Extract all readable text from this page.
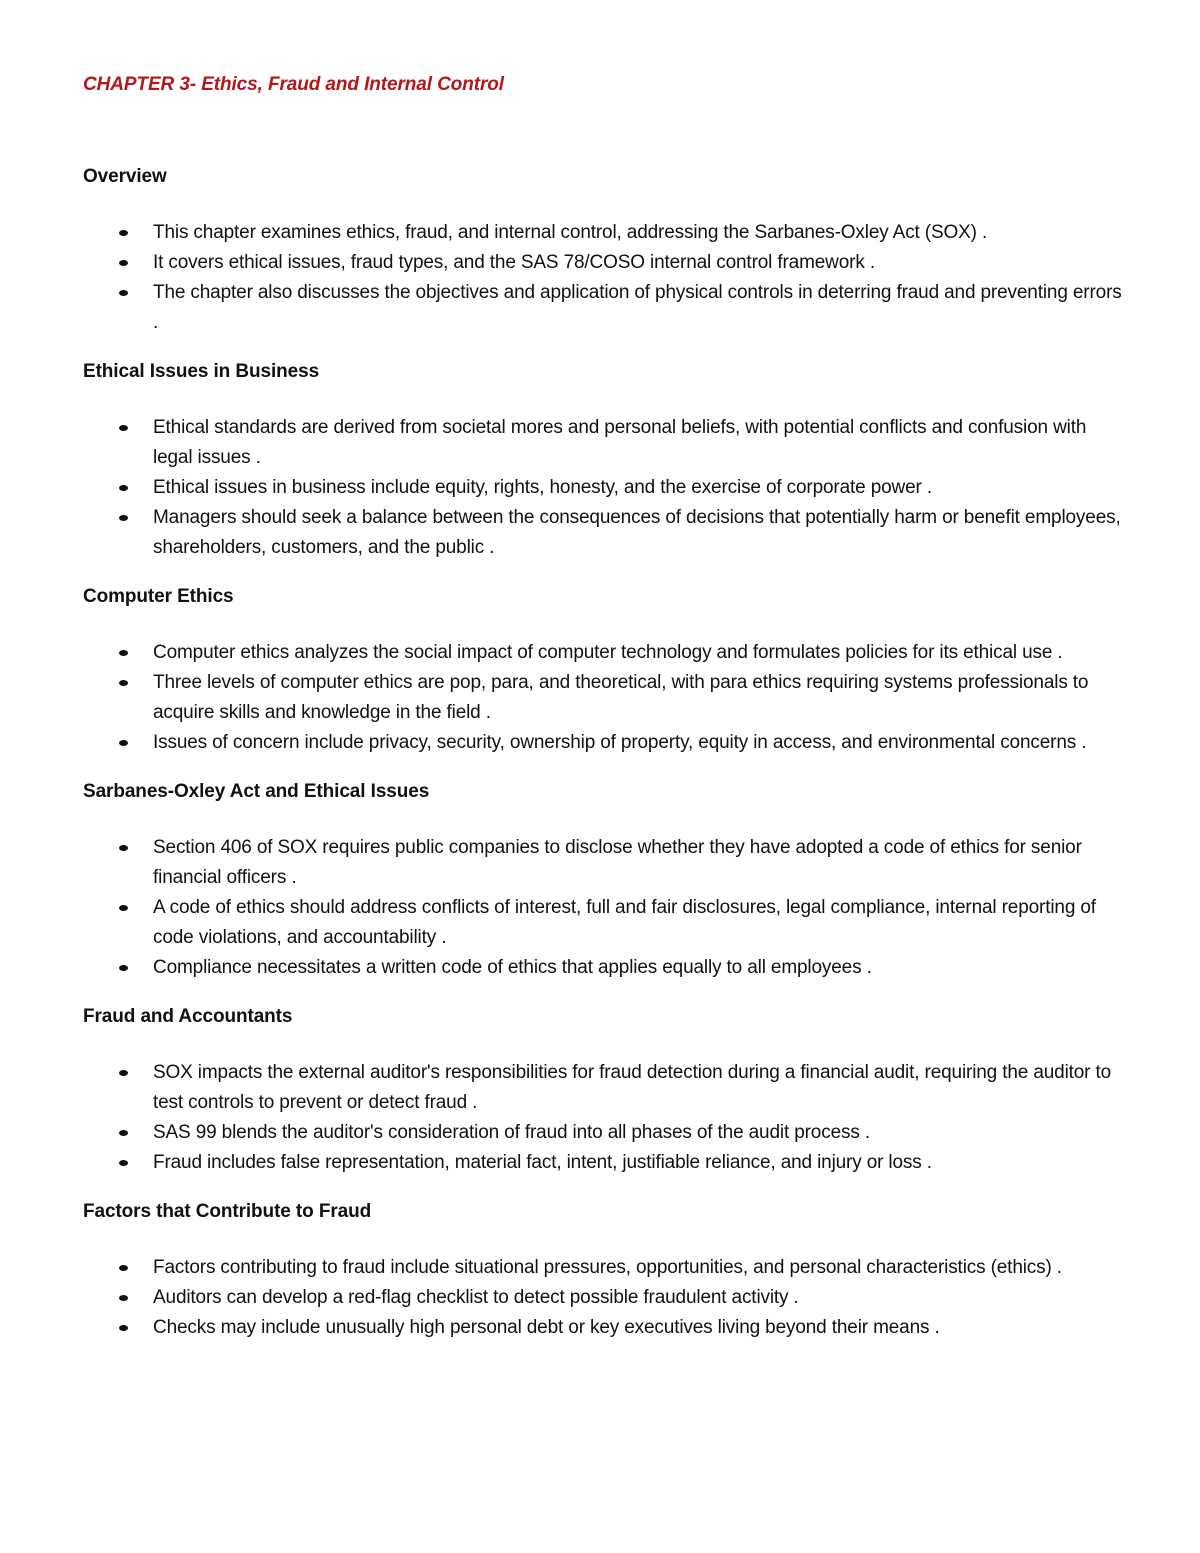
CHAPTER 3- Ethics, Fraud and Internal Control
Overview
This chapter examines ethics, fraud, and internal control, addressing the Sarbanes-Oxley Act (SOX) .
It covers ethical issues, fraud types, and the SAS 78/COSO internal control framework .
The chapter also discusses the objectives and application of physical controls in deterring fraud and preventing errors .
Ethical Issues in Business
Ethical standards are derived from societal mores and personal beliefs, with potential conflicts and confusion with legal issues .
Ethical issues in business include equity, rights, honesty, and the exercise of corporate power .
Managers should seek a balance between the consequences of decisions that potentially harm or benefit employees, shareholders, customers, and the public .
Computer Ethics
Computer ethics analyzes the social impact of computer technology and formulates policies for its ethical use .
Three levels of computer ethics are pop, para, and theoretical, with para ethics requiring systems professionals to acquire skills and knowledge in the field .
Issues of concern include privacy, security, ownership of property, equity in access, and environmental concerns .
Sarbanes-Oxley Act and Ethical Issues
Section 406 of SOX requires public companies to disclose whether they have adopted a code of ethics for senior financial officers .
A code of ethics should address conflicts of interest, full and fair disclosures, legal compliance, internal reporting of code violations, and accountability .
Compliance necessitates a written code of ethics that applies equally to all employees .
Fraud and Accountants
SOX impacts the external auditor's responsibilities for fraud detection during a financial audit, requiring the auditor to test controls to prevent or detect fraud .
SAS 99 blends the auditor's consideration of fraud into all phases of the audit process .
Fraud includes false representation, material fact, intent, justifiable reliance, and injury or loss .
Factors that Contribute to Fraud
Factors contributing to fraud include situational pressures, opportunities, and personal characteristics (ethics) .
Auditors can develop a red-flag checklist to detect possible fraudulent activity .
Checks may include unusually high personal debt or key executives living beyond their means .
